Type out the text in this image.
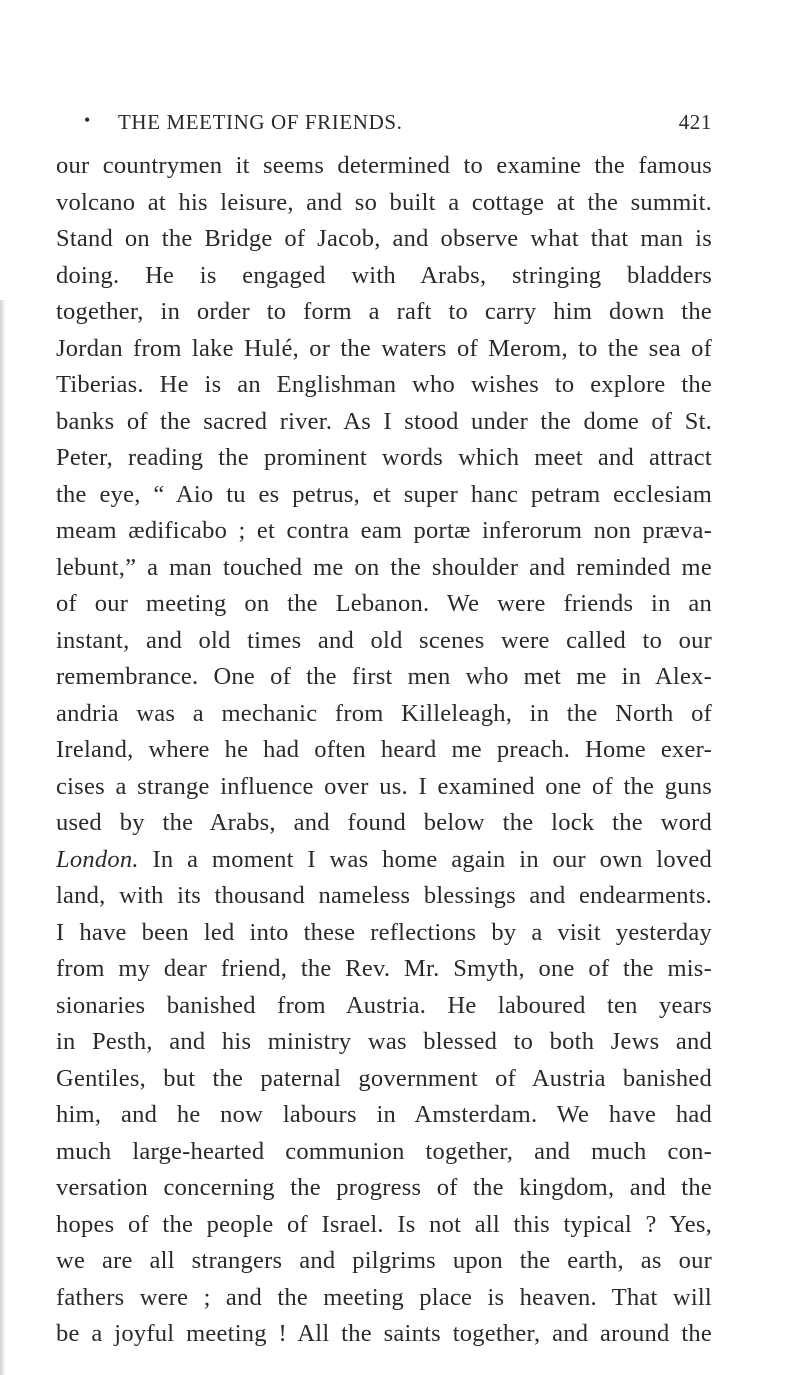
• THE MEETING OF FRIENDS.	421
our countrymen it seems determined to examine the famous
volcano at his leisure, and so built a cottage at the summit.
Stand on the Bridge of Jacob, and observe what that man is
doing. He is engaged with Arabs, stringing bladders
together, in order to form a raft to carry him down the
Jordan from lake Hulé, or the waters of Merom, to the sea of
Tiberias. He is an Englishman who wishes to explore the
banks of the sacred river. As I stood under the dome of St.
Peter, reading the prominent words which meet and attract
the eye, “ Aio tu es petrus, et super hanc petram ecclesiam
meam ædificabo ; et contra eam portæ inferorum non præva-
lebunt,” a man touched me on the shoulder and reminded me
of our meeting on the Lebanon. We were friends in an
instant, and old times and old scenes were called to our
remembrance. One of the first men who met me in Alex-
andria was a mechanic from Killeleagh, in the North of
Ireland, where he had often heard me preach. Home exer-
cises a strange influence over us. I examined one of the guns
used by the Arabs, and found below the lock the word
London. In a moment I was home again in our own loved
land, with its thousand nameless blessings and endearments.
I have been led into these reflections by a visit yesterday
from my dear friend, the Rev. Mr. Smyth, one of the mis-
sionaries banished from Austria. He laboured ten years
in Pesth, and his ministry was blessed to both Jews and
Gentiles, but the paternal government of Austria banished
him, and he now labours in Amsterdam. We have had
much large-hearted communion together, and much con-
versation concerning the progress of the kingdom, and the
hopes of the people of Israel. Is not all this typical ? Yes,
we are all strangers and pilgrims upon the earth, as our
fathers were ; and the meeting place is heaven. That will
be a joyful meeting ! All the saints together, and around the
